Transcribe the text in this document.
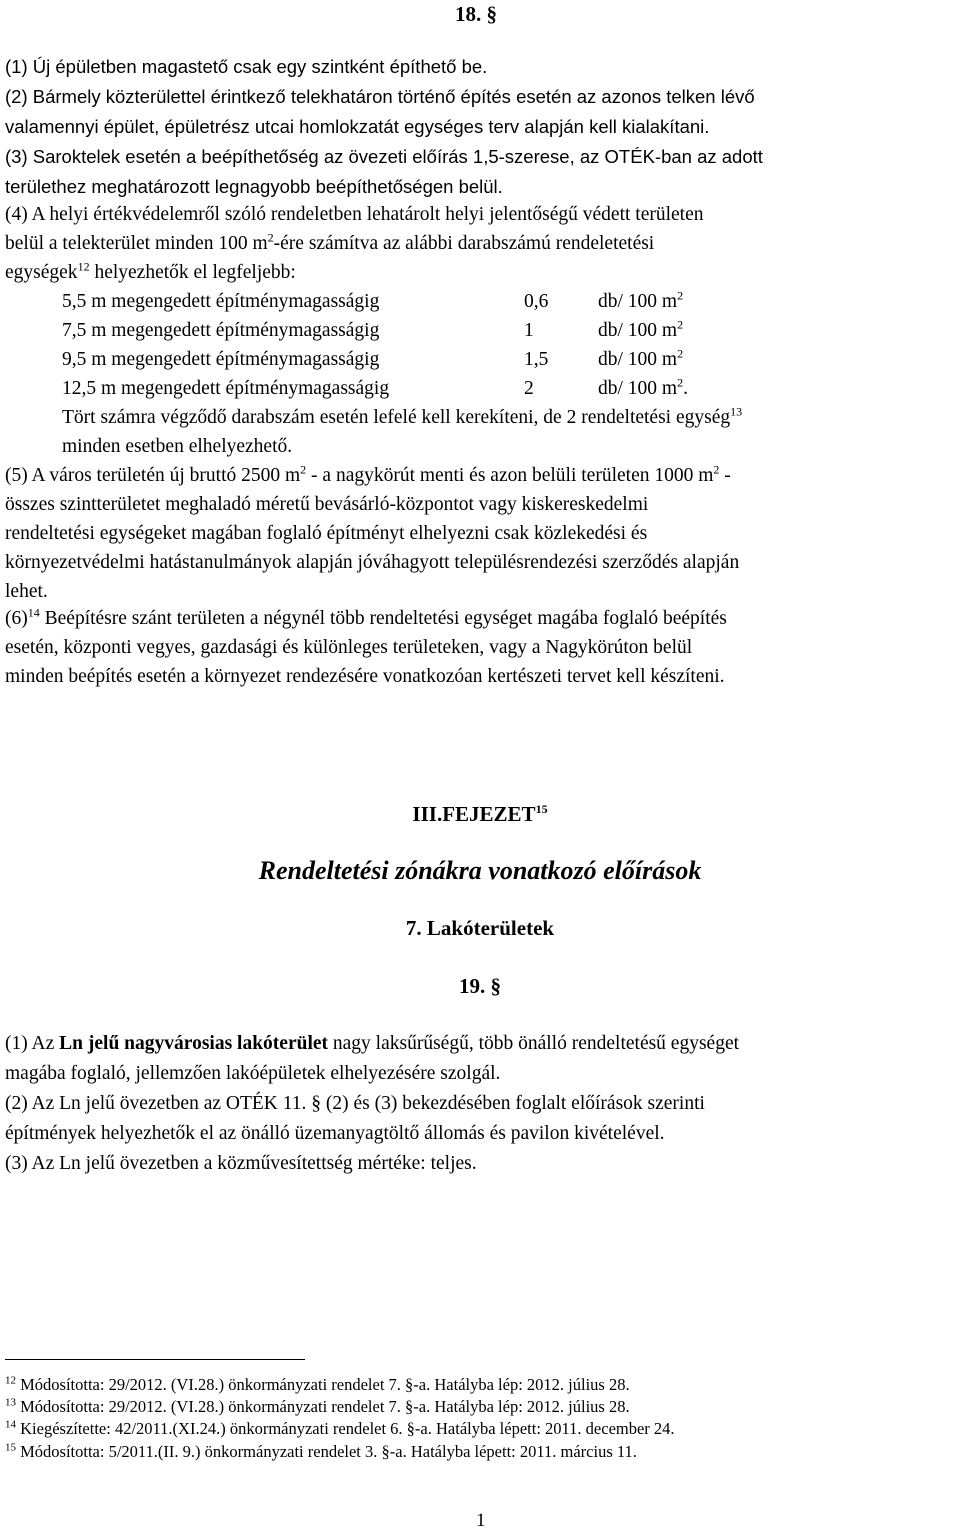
18. §
(1) Új épületben magastető csak egy szintként építhető be.
(2) Bármely közterülettel érintkező telekhatáron történő építés esetén az azonos telken lévő
valamennyi épület, épületrész utcai homlokzatát egységes terv alapján kell kialakítani.
(3) Saroktelek esetén a beépíthetőség az övezeti előírás 1,5-szerese, az OTÉK-ban az adott
területhez meghatározott legnagyobb beépíthetőségen belül.
(4) A helyi értékvédelemről szóló rendeletben lehatárolt helyi jelentőségű védett területen
belül a telekterület minden 100 $m^2$-ére számítva az alábbi darabszámú rendeletetési
egységek$^{12}$ helyezhetők el legfeljebb:
5,5 m megengedett építménymagasságig	0,6	db/ 100 $m^2$
7,5 m megengedett építménymagasságig	1	db/ 100 $m^2$
9,5 m megengedett építménymagasságig	1,5	db/ 100 $m^2$
12,5 m megengedett építménymagasságig	2	db/ 100 $m^2$.
Tört számra végződő darabszám esetén lefelé kell kerekíteni, de 2 rendeltetési egység$^{13}$
minden esetben elhelyezhető.
(5) A város területén új bruttó 2500 $m^2$ - a nagykörút menti és azon belüli területen 1000 $m^2$ -
összes szintterületet meghaladó méretű bevásárló-központot vagy kiskereskedelmi
rendeltetési egységeket magában foglaló építményt elhelyezni csak közlekedési és
környezetvédelmi hatástanulmányok alapján jóváhagyott településrendezési szerződés alapján
lehet.
$(6)^{14}$ Beépítésre szánt területen a négynél több rendeltetési egységet magába foglaló beépítés
esetén, központi vegyes, gazdasági és különleges területeken, vagy a Nagykörúton belül
minden beépítés esetén a környezet rendezésére vonatkozóan kertészeti tervet kell készíteni.
III.FEJEZET$^{15}$
Rendeltetési zónákra vonatkozó előírások
7. Lakóterületek
19. §
(1) Az Ln jelű nagyvárosias lakóterület nagy laksűrűségű, több önálló rendeltetésű egységet
magába foglaló, jellemzően lakóépületek elhelyezésére szolgál.
(2) Az Ln jelű övezetben az OTÉK 11. § (2) és (3) bekezdésében foglalt előírások szerinti
építmények helyezhetők el az önálló üzemanyagtöltő állomás és pavilon kivételével.
(3) Az Ln jelű övezetben a közművesítettség mértéke: teljes.
$^{12}$ Módosította: 29/2012. (VI.28.) önkormányzati rendelet 7. §-a. Hatályba lép: 2012. július 28.
$^{13}$ Módosította: 29/2012. (VI.28.) önkormányzati rendelet 7. §-a. Hatályba lép: 2012. július 28.
$^{14}$ Kiegészítette: 42/2011.(XI.24.) önkormányzati rendelet 6. §-a. Hatályba lépett: 2011. december 24.
$^{15}$ Módosította: 5/2011.(II. 9.) önkormányzati rendelet 3. §-a. Hatályba lépett: 2011. március 11.
1
